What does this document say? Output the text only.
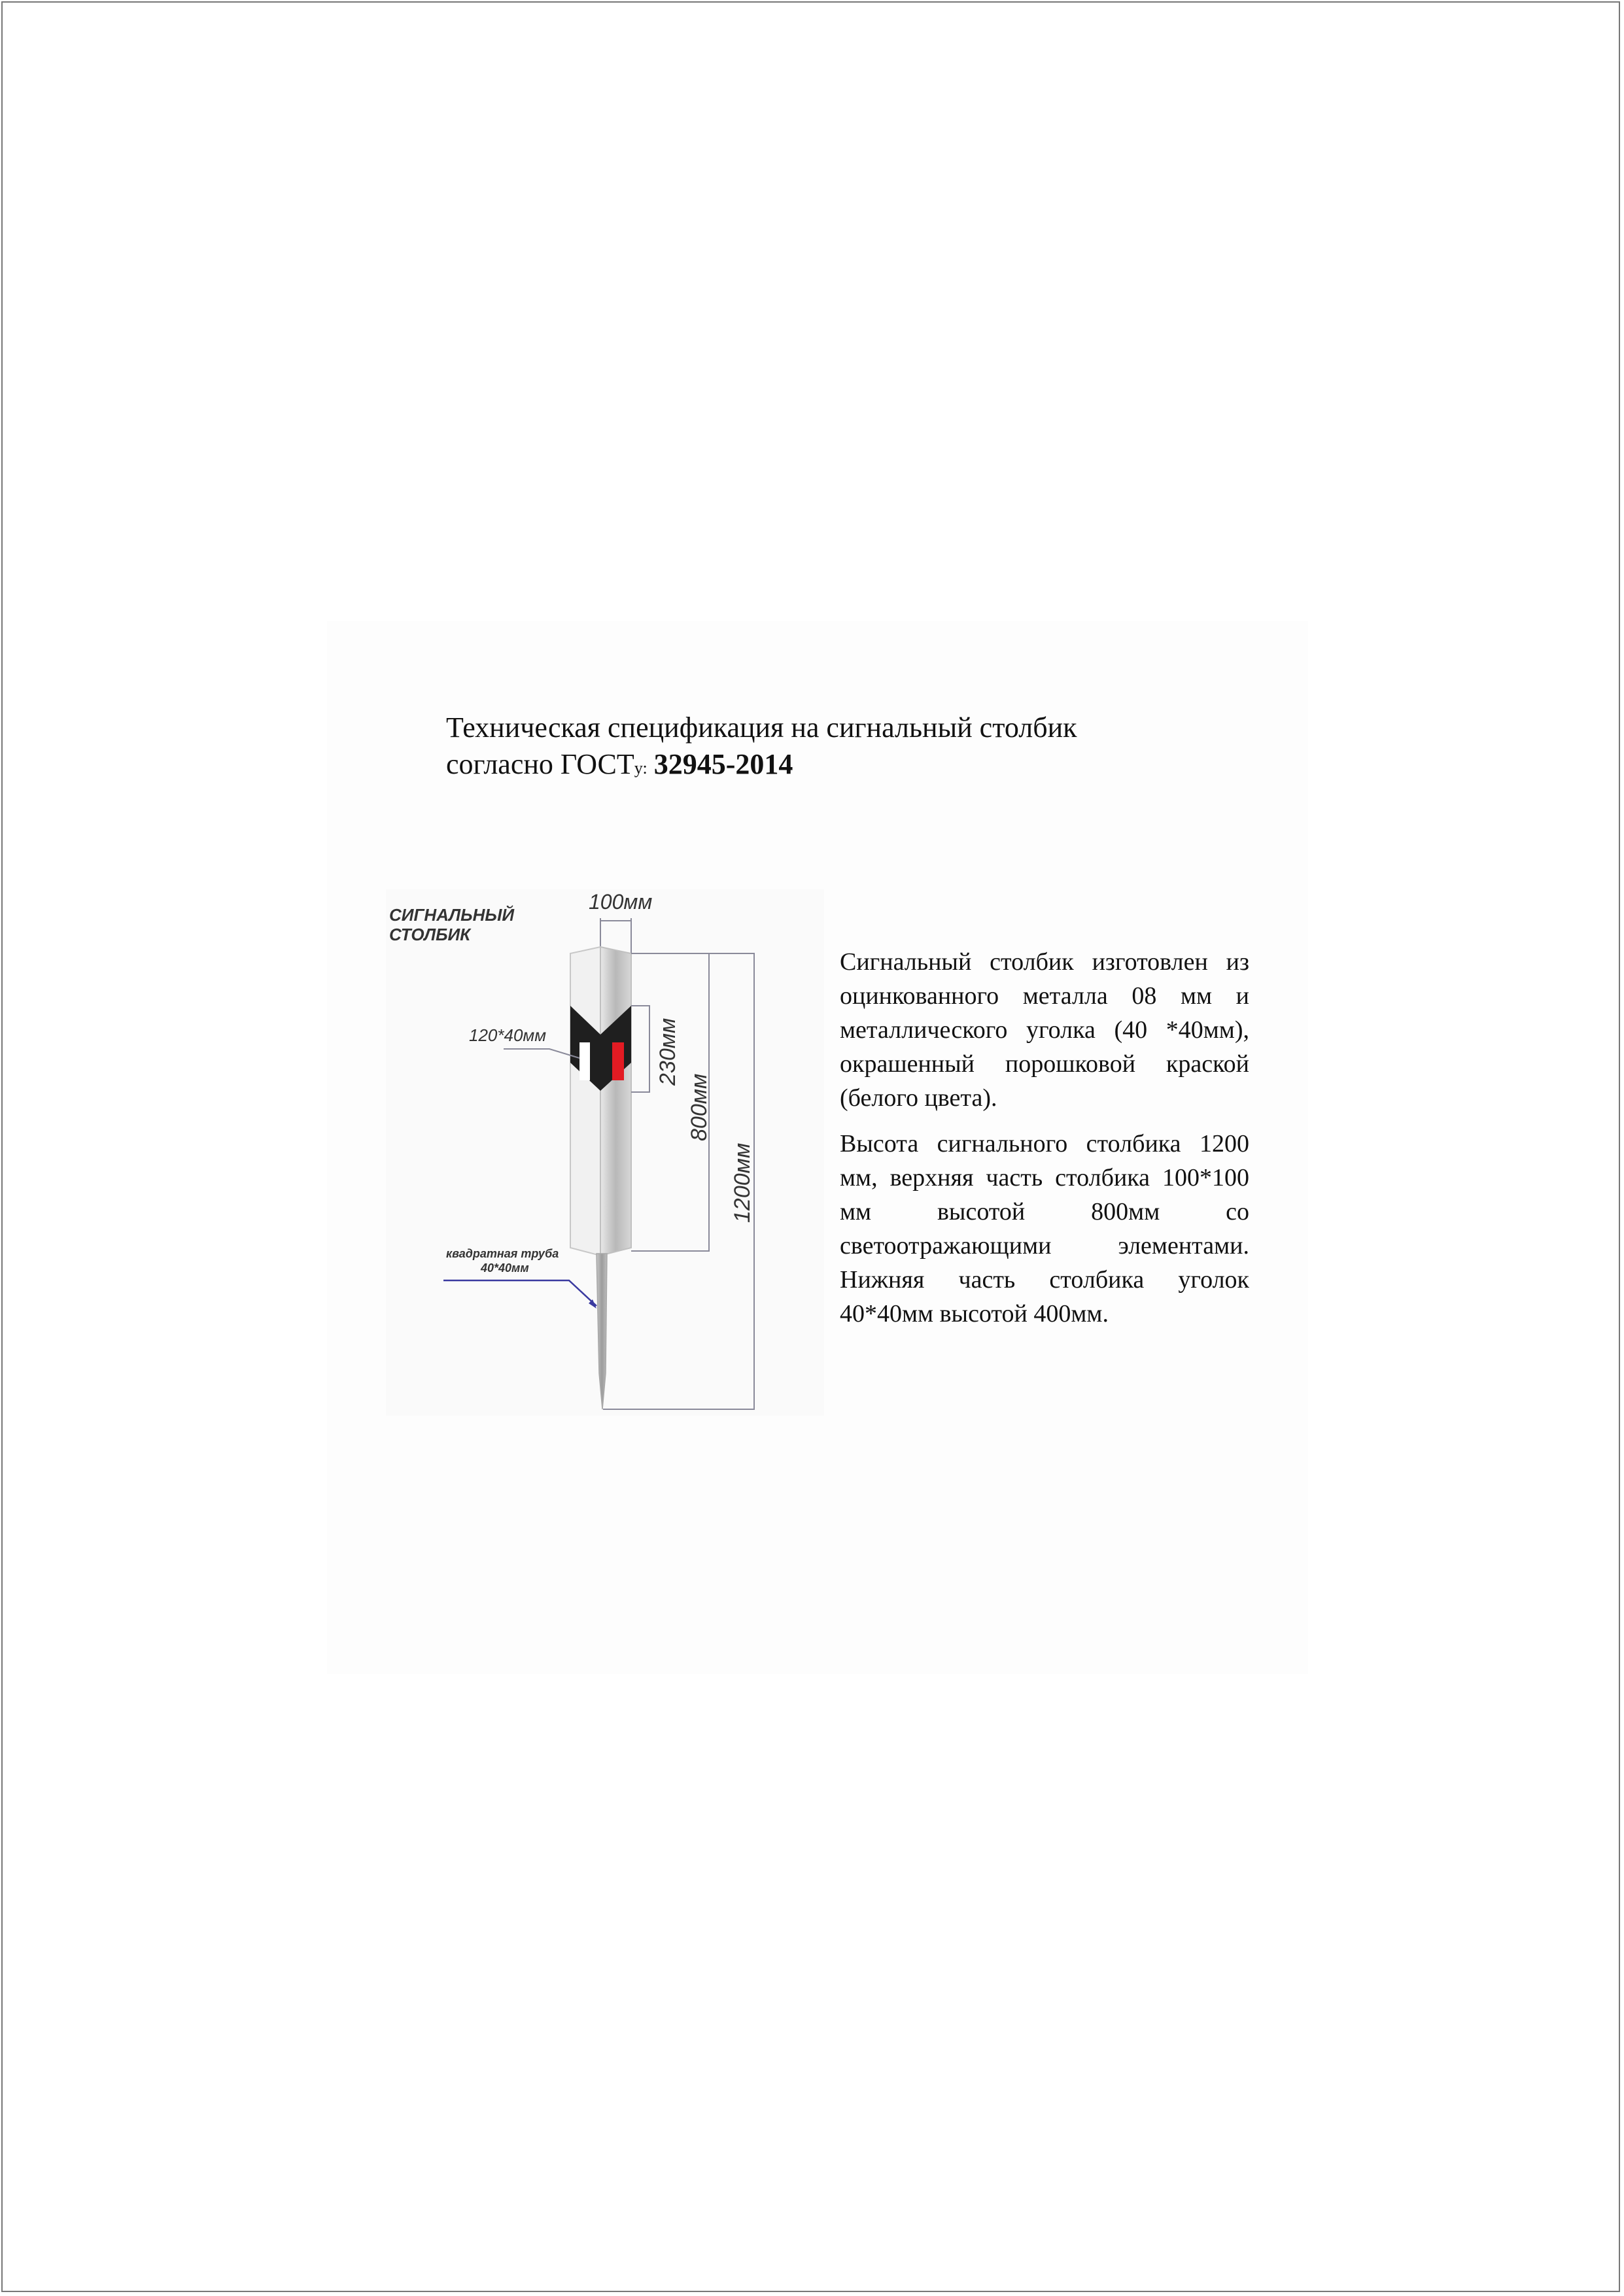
Техническая спецификация на сигнальный столбик
согласно ГОСТу: 32945-2014
СИГНАЛЬНЫЙ
СТОЛБИК
100мм
230мм
800мм
1200мм
120*40мм
квадратная труба
40*40мм

Сигнальный столбик изготовлен из оцинкованного металла 08 мм и металлического уголка (40 *40мм), окрашенный порошковой краской (белого цвета).

Высота сигнального столбика 1200 мм, верхняя часть столбика 100*100 мм высотой 800мм со светоотражающими элементами. Нижняя часть столбика уголок 40*40мм высотой 400мм.
